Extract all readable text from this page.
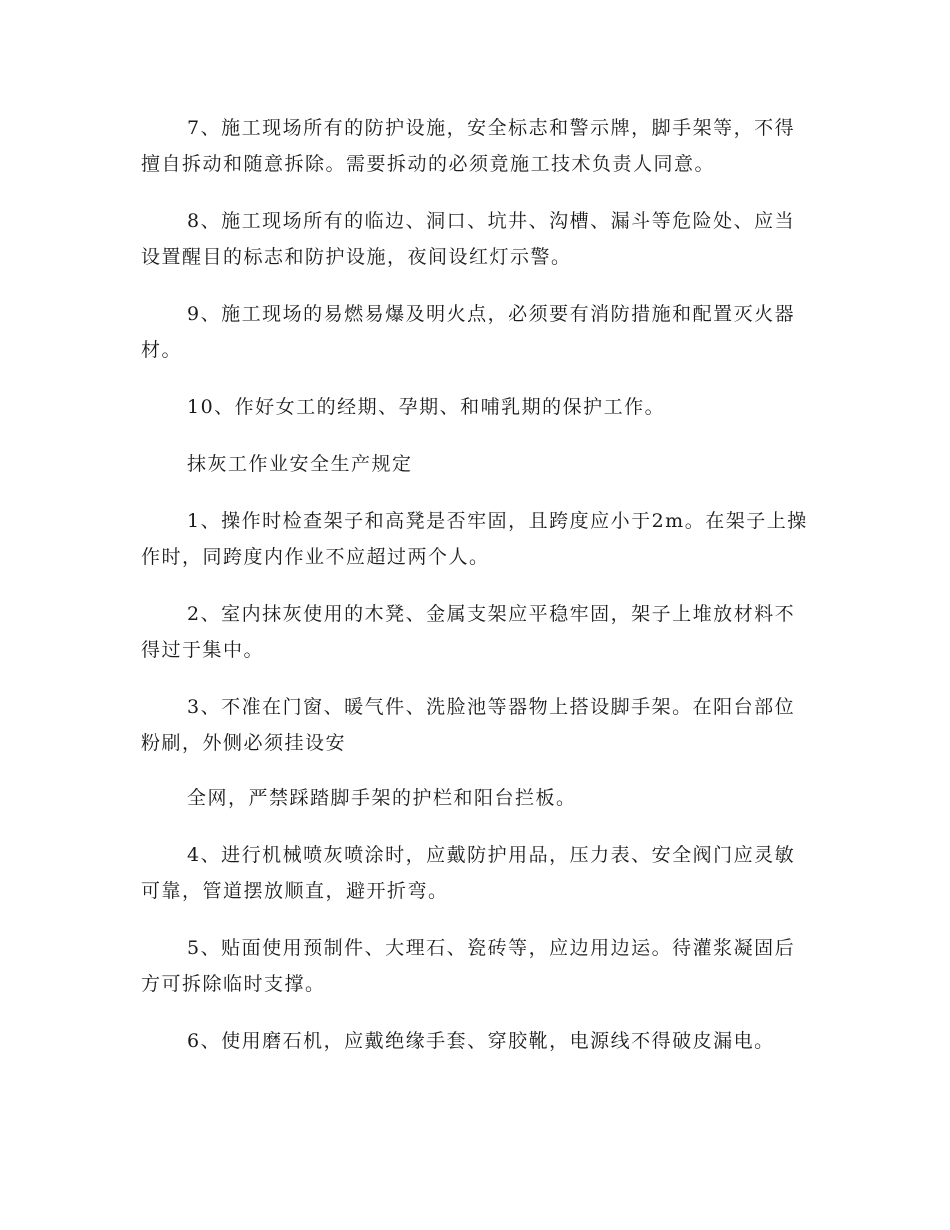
7、施工现场所有的防护设施，安全标志和警示牌，脚手架等，不得擅自拆动和随意拆除。需要拆动的必须竟施工技术负责人同意。

8、施工现场所有的临边、洞口、坑井、沟槽、漏斗等危险处、应当设置醒目的标志和防护设施，夜间设红灯示警。

9、施工现场的易燃易爆及明火点，必须要有消防措施和配置灭火器材。

10、作好女工的经期、孕期、和哺乳期的保护工作。

抹灰工作业安全生产规定

1、操作时检查架子和高凳是否牢固，且跨度应小于2m。在架子上操作时，同跨度内作业不应超过两个人。

2、室内抹灰使用的木凳、金属支架应平稳牢固，架子上堆放材料不得过于集中。

3、不准在门窗、暖气件、洗脸池等器物上搭设脚手架。在阳台部位粉刷，外侧必须挂设安

全网，严禁踩踏脚手架的护栏和阳台拦板。

4、进行机械喷灰喷涂时，应戴防护用品，压力表、安全阀门应灵敏可靠，管道摆放顺直，避开折弯。

5、贴面使用预制件、大理石、瓷砖等，应边用边运。待灌浆凝固后方可拆除临时支撑。

6、使用磨石机，应戴绝缘手套、穿胶靴，电源线不得破皮漏电。
